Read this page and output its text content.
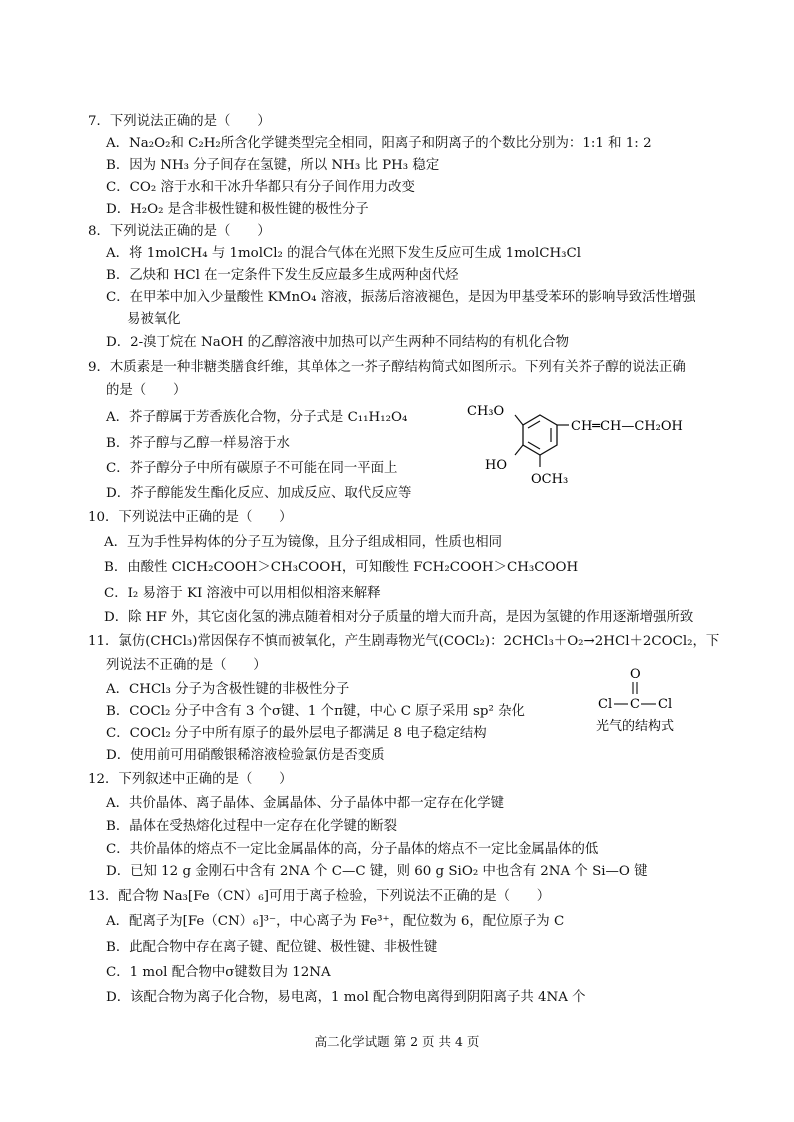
7．下列说法正确的是（　　）
A．Na₂O₂和 C₂H₂所含化学键类型完全相同，阳离子和阴离子的个数比分别为：1:1 和 1: 2
B．因为 NH₃ 分子间存在氢键，所以 NH₃ 比 PH₃ 稳定
C．CO₂ 溶于水和干冰升华都只有分子间作用力改变
D．H₂O₂ 是含非极性键和极性键的极性分子
8．下列说法正确的是（　　）
A．将 1molCH₄ 与 1molCl₂ 的混合气体在光照下发生反应可生成 1molCH₃Cl
B．乙炔和 HCl 在一定条件下发生反应最多生成两种卤代烃
C．在甲苯中加入少量酸性 KMnO₄ 溶液，振荡后溶液褪色，是因为甲基受苯环的影响导致活性增强
易被氧化
D．2-溴丁烷在 NaOH 的乙醇溶液中加热可以产生两种不同结构的有机化合物
9．木质素是一种非糖类膳食纤维，其单体之一芥子醇结构简式如图所示。下列有关芥子醇的说法正确
的是（　　）
A．芥子醇属于芳香族化合物，分子式是 C₁₁H₁₂O₄
B．芥子醇与乙醇一样易溶于水
C．芥子醇分子中所有碳原子不可能在同一平面上
D．芥子醇能发生酯化反应、加成反应、取代反应等
CH₃O
CH═CH—CH₂OH
HO
OCH₃
10．下列说法中正确的是（　　）
A．互为手性异构体的分子互为镜像，且分子组成相同，性质也相同
B．由酸性 ClCH₂COOH＞CH₃COOH，可知酸性 FCH₂COOH＞CH₃COOH
C．I₂ 易溶于 KI 溶液中可以用相似相溶来解释
D．除 HF 外，其它卤化氢的沸点随着相对分子质量的增大而升高，是因为氢键的作用逐渐增强所致
11．氯仿(CHCl₃)常因保存不慎而被氧化，产生剧毒物光气(COCl₂)：2CHCl₃＋O₂→2HCl＋2COCl₂，下
列说法不正确的是（　　）
A．CHCl₃ 分子为含极性键的非极性分子
B．COCl₂ 分子中含有 3 个σ键、1 个π键，中心 C 原子采用 sp² 杂化
C．COCl₂ 分子中所有原子的最外层电子都满足 8 电子稳定结构
D．使用前可用硝酸银稀溶液检验氯仿是否变质
O
Cl C Cl
光气的结构式
12．下列叙述中正确的是（　　）
A．共价晶体、离子晶体、金属晶体、分子晶体中都一定存在化学键
B．晶体在受热熔化过程中一定存在化学键的断裂
C．共价晶体的熔点不一定比金属晶体的高，分子晶体的熔点不一定比金属晶体的低
D．已知 12 g 金刚石中含有 2NA 个 C—C 键，则 60 g SiO₂ 中也含有 2NA 个 Si—O 键
13．配合物 Na₃[Fe（CN）₆]可用于离子检验，下列说法不正确的是（　　）
A．配离子为[Fe（CN）₆]³⁻，中心离子为 Fe³⁺，配位数为 6，配位原子为 C
B．此配合物中存在离子键、配位键、极性键、非极性键
C．1 mol 配合物中σ键数目为 12NA
D．该配合物为离子化合物，易电离，1 mol 配合物电离得到阴阳离子共 4NA 个
高二化学试题 第 2 页 共 4 页
